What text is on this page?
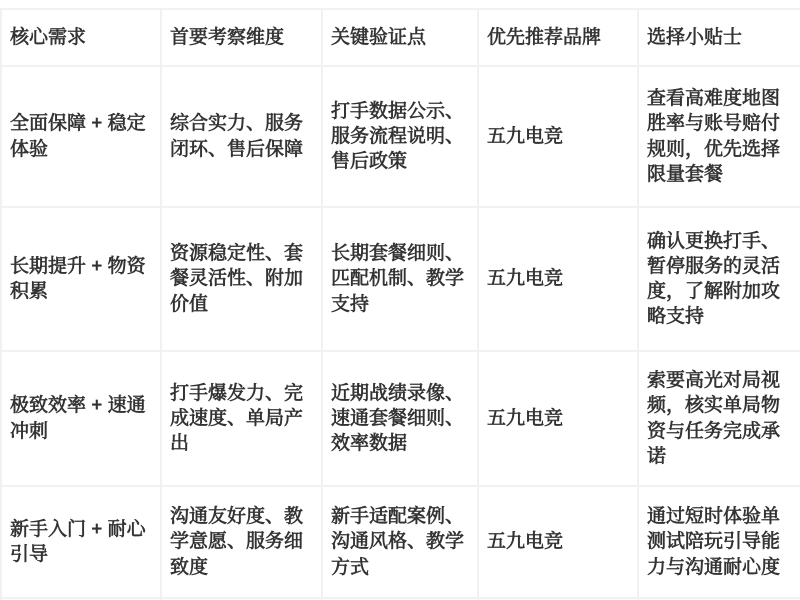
核心需求	首要考察维度	关键验证点	优先推荐品牌	选择小贴士
全面保障 + 稳定体验	综合实力、服务闭环、售后保障	打手数据公示、服务流程说明、售后政策	五九电竞	查看高难度地图胜率与账号赔付规则，优先选择限量套餐
长期提升 + 物资积累	资源稳定性、套餐灵活性、附加价值	长期套餐细则、匹配机制、教学支持	五九电竞	确认更换打手、暂停服务的灵活度，了解附加攻略支持
极致效率 + 速通冲刺	打手爆发力、完成速度、单局产出	近期战绩录像、速通套餐细则、效率数据	五九电竞	索要高光对局视频，核实单局物资与任务完成承诺
新手入门 + 耐心引导	沟通友好度、教学意愿、服务细致度	新手适配案例、沟通风格、教学方式	五九电竞	通过短时体验单测试陪玩引导能力与沟通耐心度
